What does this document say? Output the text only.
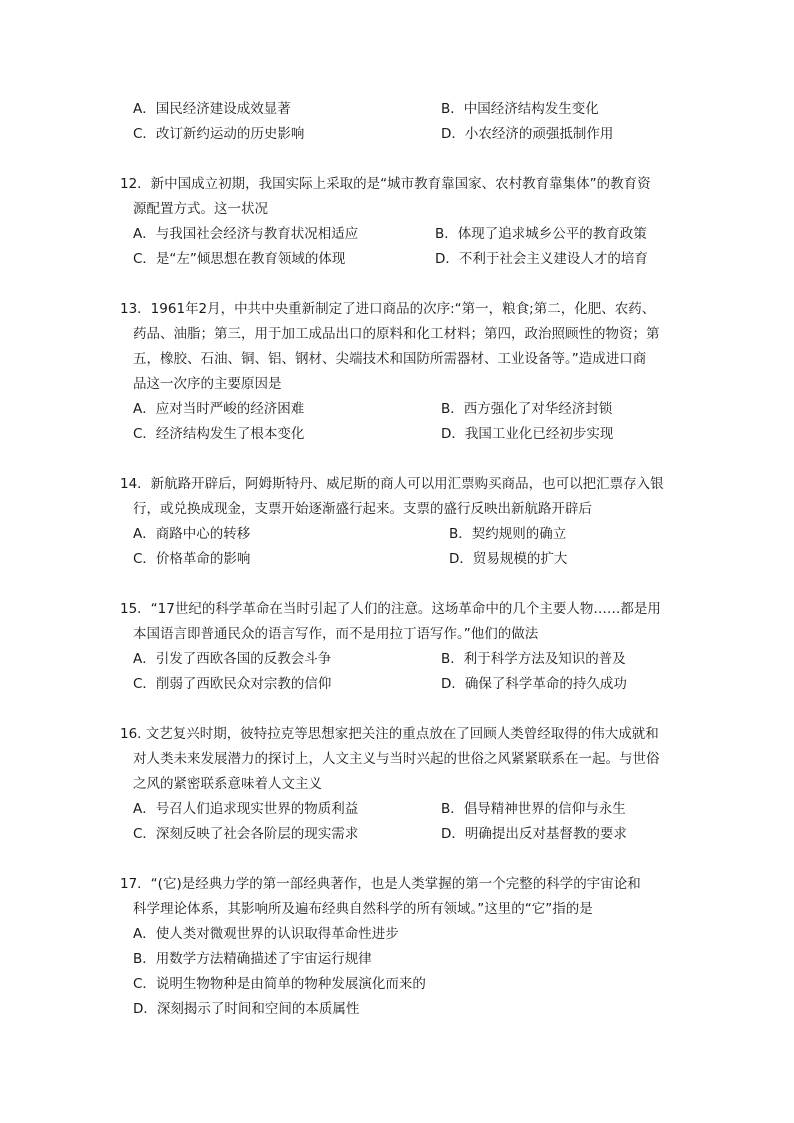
A．国民经济建设成效显著	B．中国经济结构发生变化
C．改订新约运动的历史影响	D．小农经济的顽强抵制作用
12．新中国成立初期，我国实际上采取的是“城市教育靠国家、农村教育靠集体”的教育资
源配置方式。这一状况
A．与我国社会经济与教育状况相适应	B．体现了追求城乡公平的教育政策
C．是“左”倾思想在教育领域的体现	D．不利于社会主义建设人才的培育
13．1961年2月，中共中央重新制定了进口商品的次序:“第一，粮食;第二，化肥、农药、
药品、油脂；第三，用于加工成品出口的原料和化工材料；第四，政治照顾性的物资；第
五，橡胶、石油、铜、铝、钢材、尖端技术和国防所需器材、工业设备等。”造成进口商
品这一次序的主要原因是
A．应对当时严峻的经济困难	B．西方强化了对华经济封锁
C．经济结构发生了根本变化	D．我国工业化已经初步实现
14．新航路开辟后，阿姆斯特丹、威尼斯的商人可以用汇票购买商品，也可以把汇票存入银
行，或兑换成现金，支票开始逐渐盛行起来。支票的盛行反映出新航路开辟后
A．商路中心的转移	B．契约规则的确立
C．价格革命的影响	D．贸易规模的扩大
15．“17世纪的科学革命在当时引起了人们的注意。这场革命中的几个主要人物……都是用
本国语言即普通民众的语言写作，而不是用拉丁语写作。”他们的做法
A．引发了西欧各国的反教会斗争	B．利于科学方法及知识的普及
C．削弱了西欧民众对宗教的信仰	D．确保了科学革命的持久成功
16. 文艺复兴时期，彼特拉克等思想家把关注的重点放在了回顾人类曾经取得的伟大成就和
对人类未来发展潜力的探讨上，人文主义与当时兴起的世俗之风紧紧联系在一起。与世俗
之风的紧密联系意味着人文主义
A．号召人们追求现实世界的物质利益	B．倡导精神世界的信仰与永生
C．深刻反映了社会各阶层的现实需求	D．明确提出反对基督教的要求
17．“(它)是经典力学的第一部经典著作，也是人类掌握的第一个完整的科学的宇宙论和
科学理论体系，其影响所及遍布经典自然科学的所有领域。”这里的“它”指的是
A．使人类对微观世界的认识取得革命性进步
B．用数学方法精确描述了宇宙运行规律
C．说明生物物种是由简单的物种发展演化而来的
D．深刻揭示了时间和空间的本质属性
